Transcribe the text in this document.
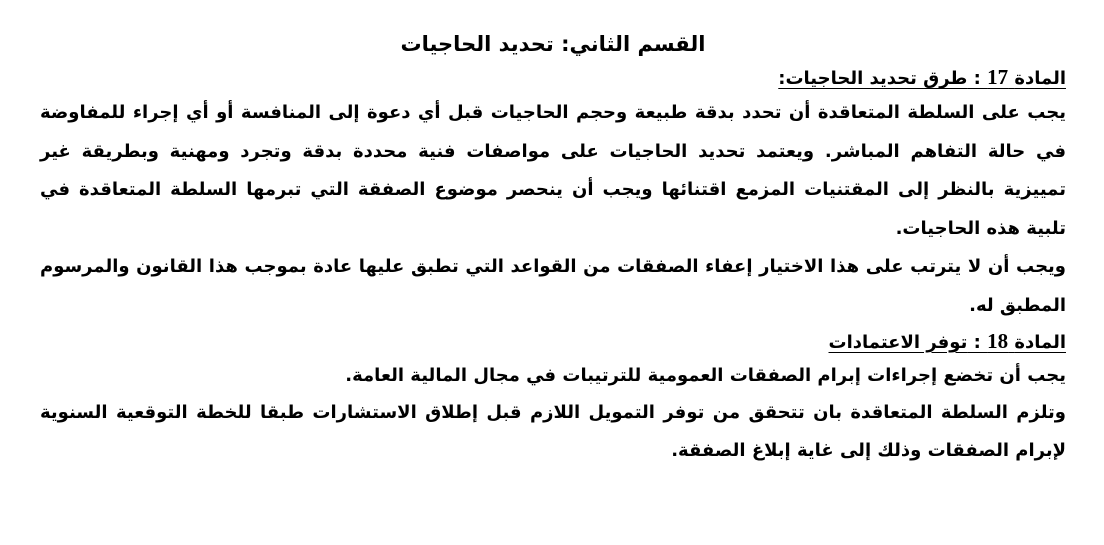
القسم الثاني: تحديد الحاجيات
المادة 17 : طرق تحديد الحاجيات:

يجب على السلطة المتعاقدة أن تحدد بدقة طبيعة وحجم الحاجيات قبل أي دعوة إلى المنافسة أو أي إجراء للمفاوضة في حالة التفاهم المباشر. ويعتمد تحديد الحاجيات على مواصفات فنية محددة بدقة وتجرد ومهنية وبطريقة غير تمييزية بالنظر إلى المقتنيات المزمع اقتنائها ويجب أن ينحصر موضوع الصفقة التي تبرمها السلطة المتعاقدة في تلبية هذه الحاجيات.

ويجب أن لا يترتب على هذا الاختيار إعفاء الصفقات من القواعد التي تطبق عليها عادة بموجب هذا القانون والمرسوم المطبق له.

المادة 18 : توفر الاعتمادات

يجب أن تخضع إجراءات إبرام الصفقات العمومية للترتيبات في مجال المالية العامة.

وتلزم السلطة المتعاقدة بان تتحقق من توفر التمويل اللازم قبل إطلاق الاستشارات طبقا للخطة التوقعية السنوية لإبرام الصفقات وذلك إلى غاية إبلاغ الصفقة.
